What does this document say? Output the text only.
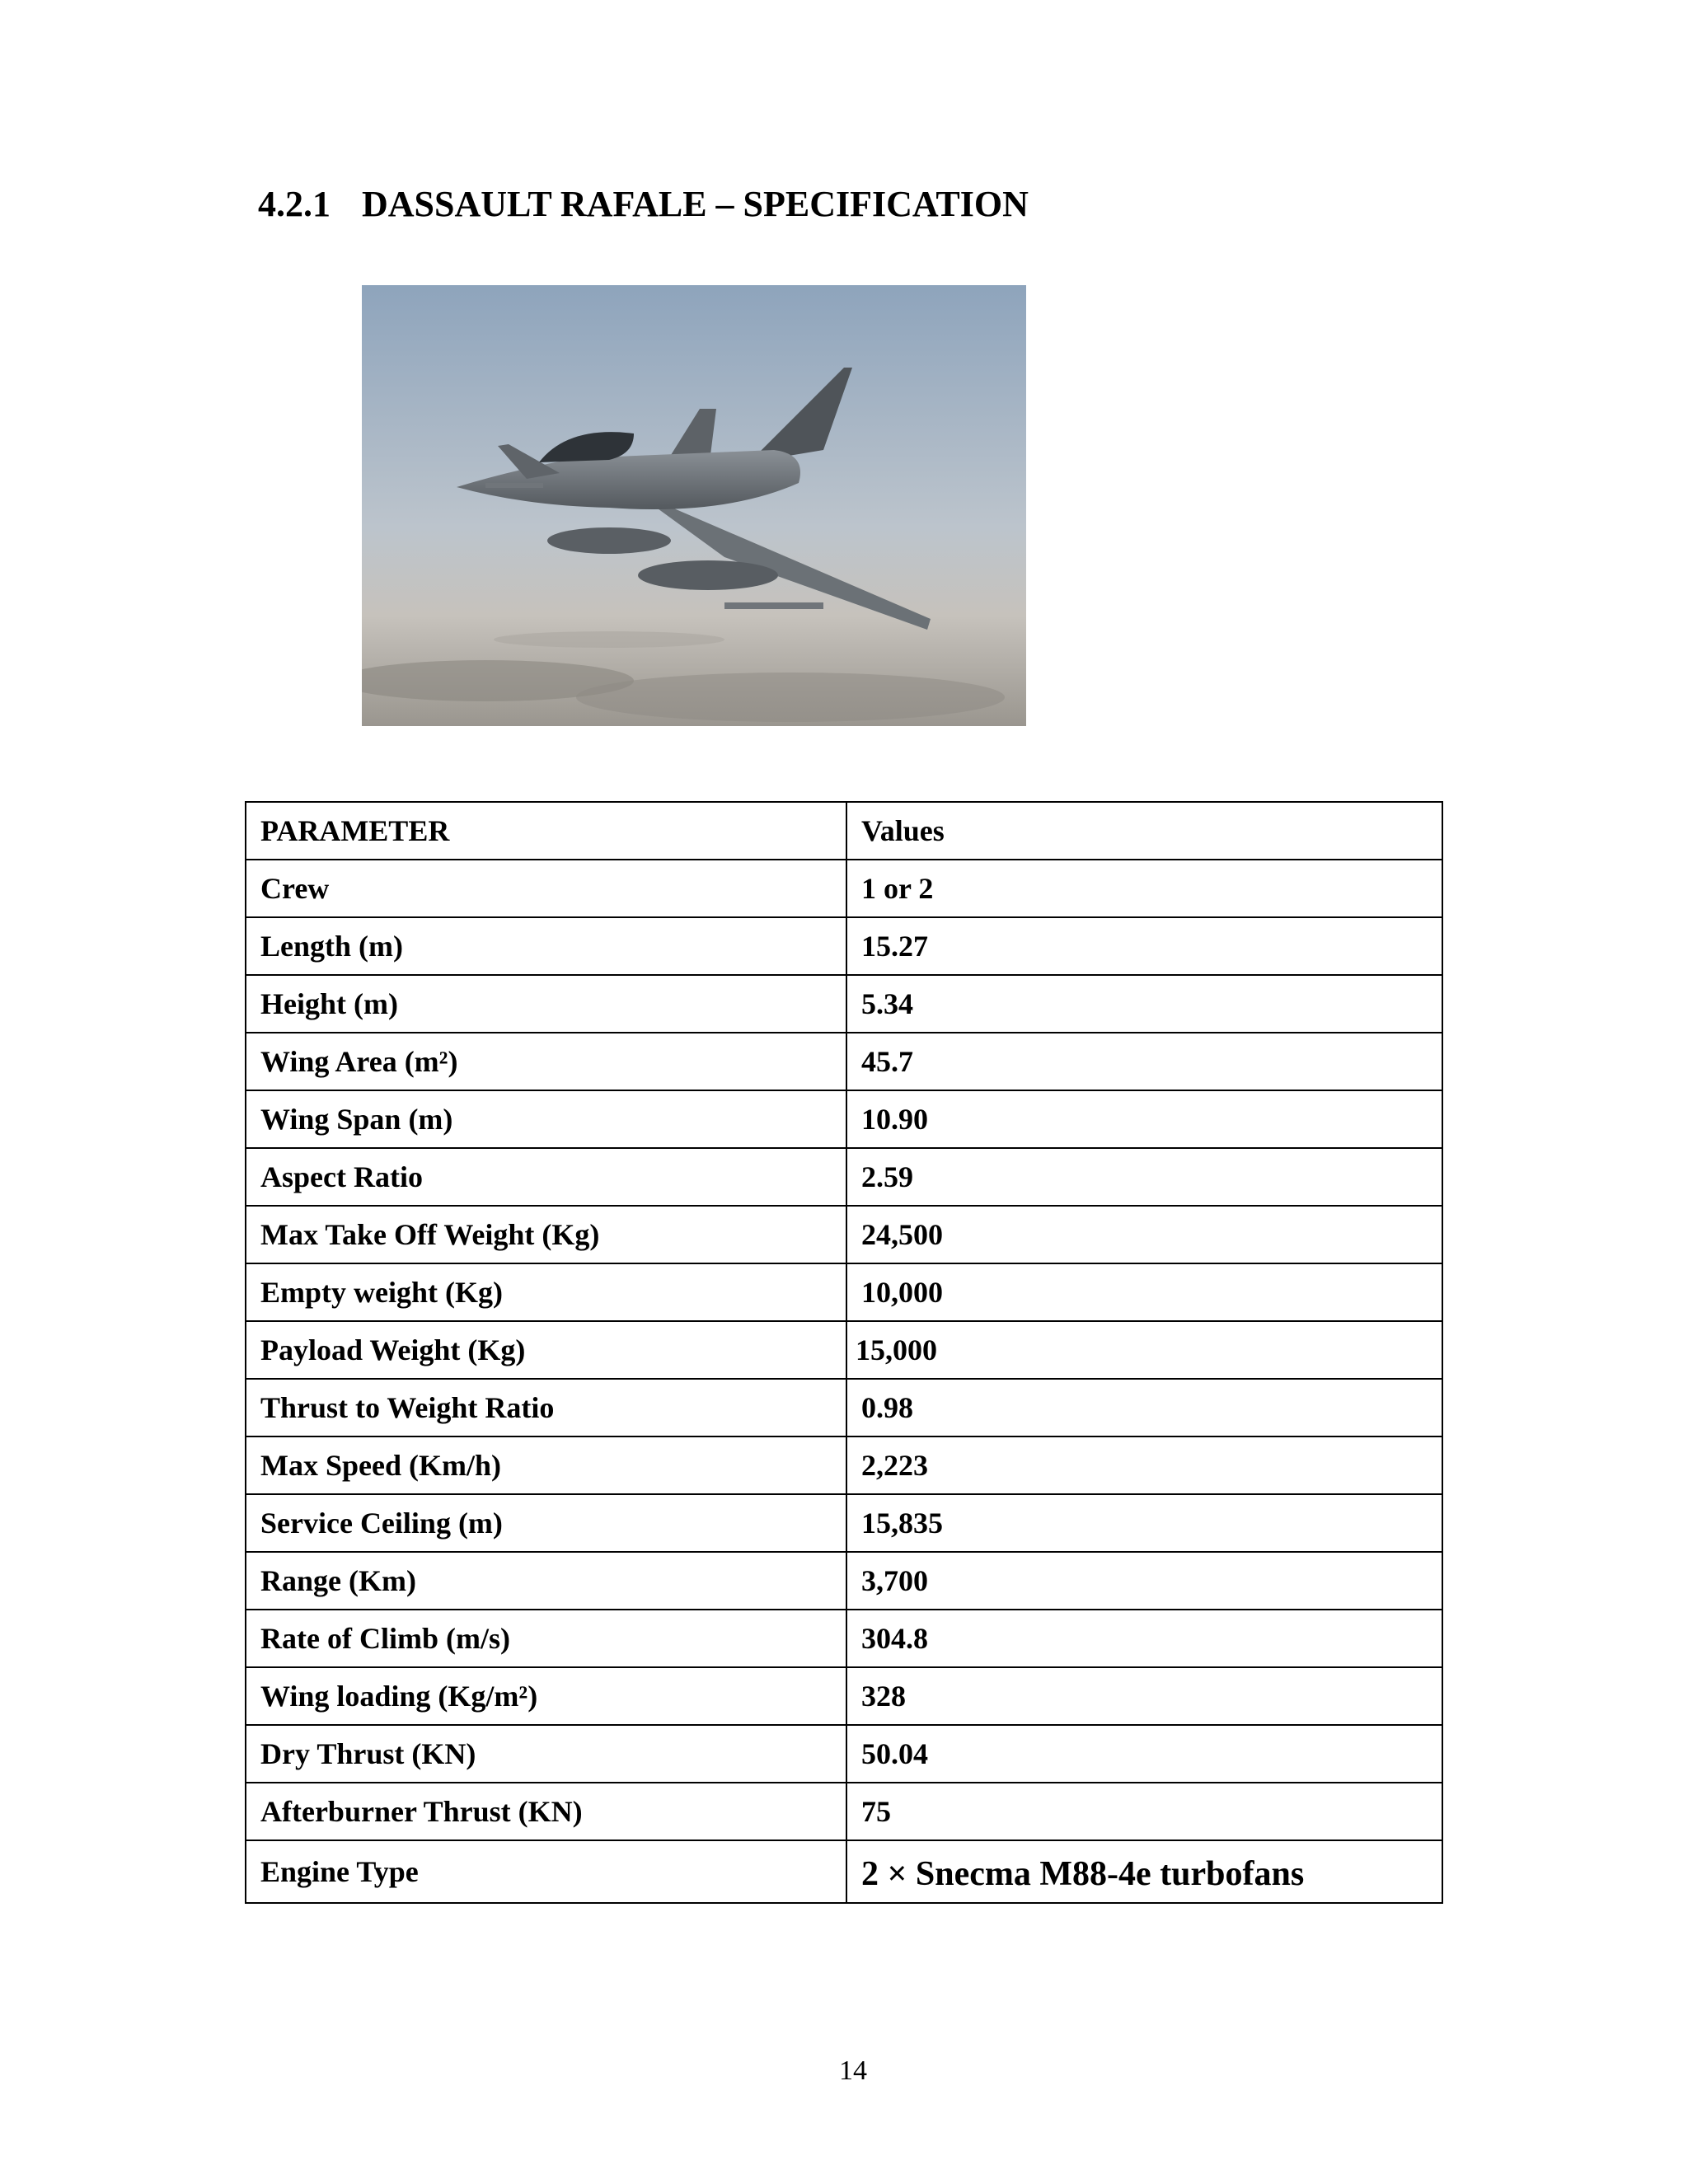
4.2.1 DASSAULT RAFALE – SPECIFICATION
PARAMETER	Values
Crew	1 or 2
Length (m)	15.27
Height (m)	5.34
Wing Area (m²)	45.7
Wing Span (m)	10.90
Aspect Ratio	2.59
Max Take Off Weight (Kg)	24,500
Empty weight (Kg)	10,000
Payload Weight (Kg)	15,000
Thrust to Weight Ratio	0.98
Max Speed (Km/h)	2,223
Service Ceiling (m)	15,835
Range (Km)	3,700
Rate of Climb (m/s)	304.8
Wing loading (Kg/m²)	328
Dry Thrust (KN)	50.04
Afterburner Thrust (KN)	75
Engine Type	2 × Snecma M88-4e turbofans
14
